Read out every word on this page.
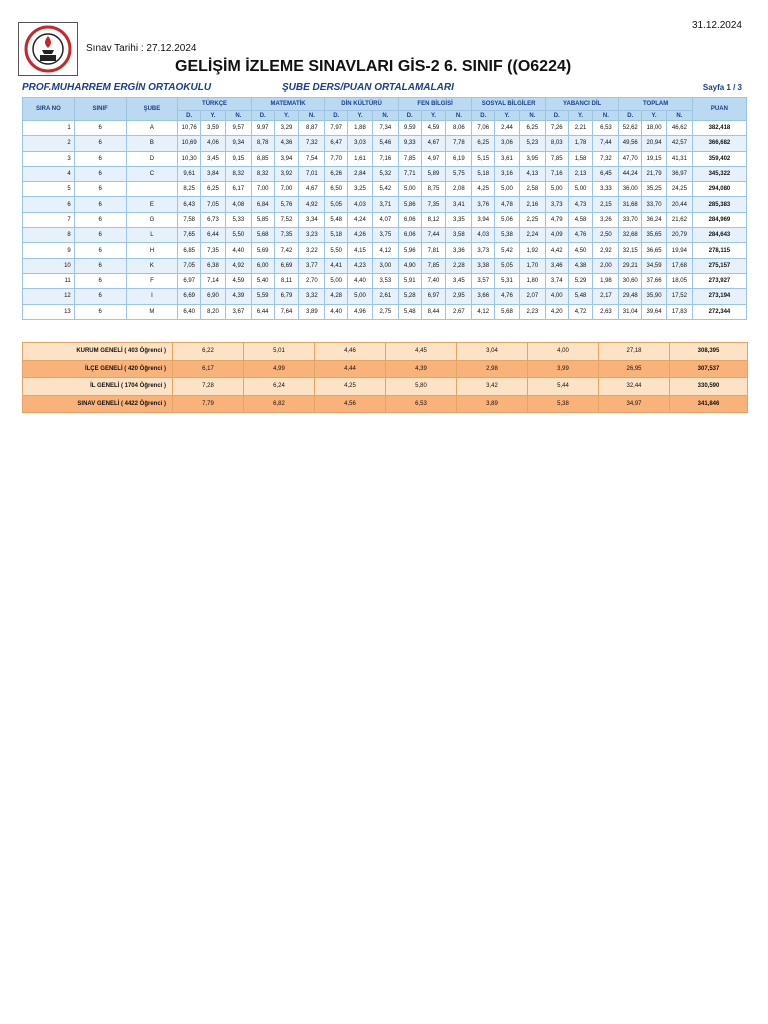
31.12.2024
Sınav Tarihi : 27.12.2024
GELİŞİM İZLEME SINAVLARI GİS-2 6. SINIF ((O6224)
PROF.MUHARREM ERGİN ORTAOKULU	ŞUBE DERS/PUAN ORTALAMALARI	Sayfa 1 / 3
SIRA NO	SINIF	ŞUBE	TÜRKÇE			MATEMATİK			DİN KÜLTÜRÜ			FEN BİLGİSİ			SOSYAL BİLGİLER			YABANCI DİL			TOPLAM			PUAN
			D.	Y.	N.	D.	Y.	N.	D.	Y.	N.	D.	Y.	N.	D.	Y.	N.	D.	Y.	N.	D.	Y.	N.	
1	6	A	10,76	3,59	9,57	9,97	3,29	8,87	7,97	1,88	7,34	9,59	4,59	8,06	7,06	2,44	6,25	7,26	2,21	6,53	52,62	18,00	46,62	382,418
2	6	B	10,69	4,06	9,34	8,78	4,36	7,32	6,47	3,03	5,46	9,33	4,67	7,78	6,25	3,06	5,23	8,03	1,78	7,44	49,56	20,94	42,57	366,682
3	6	D	10,30	3,45	9,15	8,85	3,94	7,54	7,70	1,61	7,16	7,85	4,97	6,19	5,15	3,61	3,95	7,85	1,58	7,32	47,70	19,15	41,31	359,402
4	6	C	9,61	3,84	8,32	8,32	3,92	7,01	6,26	2,84	5,32	7,71	5,89	5,75	5,18	3,16	4,13	7,16	2,13	6,45	44,24	21,79	36,97	345,322
5	6		8,25	6,25	6,17	7,00	7,00	4,67	6,50	3,25	5,42	5,00	8,75	2,08	4,25	5,00	2,58	5,00	5,00	3,33	36,00	35,25	24,25	294,080
6	6	E	6,43	7,05	4,08	6,84	5,76	4,92	5,05	4,03	3,71	5,86	7,35	3,41	3,76	4,78	2,16	3,73	4,73	2,15	31,68	33,70	20,44	285,383
7	6	G	7,58	6,73	5,33	5,85	7,52	3,34	5,48	4,24	4,07	6,06	8,12	3,35	3,94	5,06	2,25	4,79	4,58	3,26	33,70	36,24	21,62	284,969
8	6	L	7,65	6,44	5,50	5,68	7,35	3,23	5,18	4,26	3,75	6,06	7,44	3,58	4,03	5,38	2,24	4,09	4,76	2,50	32,68	35,65	20,79	284,643
9	6	H	6,85	7,35	4,40	5,69	7,42	3,22	5,50	4,15	4,12	5,96	7,81	3,36	3,73	5,42	1,92	4,42	4,50	2,92	32,15	36,65	19,94	278,115
10	6	K	7,05	6,38	4,92	6,00	6,69	3,77	4,41	4,23	3,00	4,90	7,85	2,28	3,38	5,05	1,70	3,46	4,38	2,00	29,21	34,59	17,68	275,157
11	6	F	6,97	7,14	4,59	5,40	8,11	2,70	5,00	4,40	3,53	5,91	7,40	3,45	3,57	5,31	1,80	3,74	5,29	1,98	30,60	37,66	18,05	273,927
12	6	I	6,69	6,90	4,39	5,59	6,79	3,32	4,28	5,00	2,61	5,28	6,97	2,95	3,66	4,76	2,07	4,00	5,48	2,17	29,48	35,90	17,52	273,194
13	6	M	6,40	8,20	3,67	6,44	7,64	3,89	4,40	4,96	2,75	5,48	8,44	2,67	4,12	5,68	2,23	4,20	4,72	2,63	31,04	39,64	17,83	272,344
KURUM GENELİ ( 403 Öğrenci )	6,22	5,01	4,46	4,45	3,04	4,00	27,18	308,395
İLÇE GENELİ ( 420 Öğrenci )	6,17	4,99	4,44	4,39	2,98	3,99	26,95	307,537
İL GENELİ ( 1704 Öğrenci )	7,28	6,24	4,25	5,80	3,42	5,44	32,44	330,590
SINAV GENELİ ( 4422 Öğrenci )	7,79	6,82	4,56	6,53	3,89	5,38	34,97	341,846
